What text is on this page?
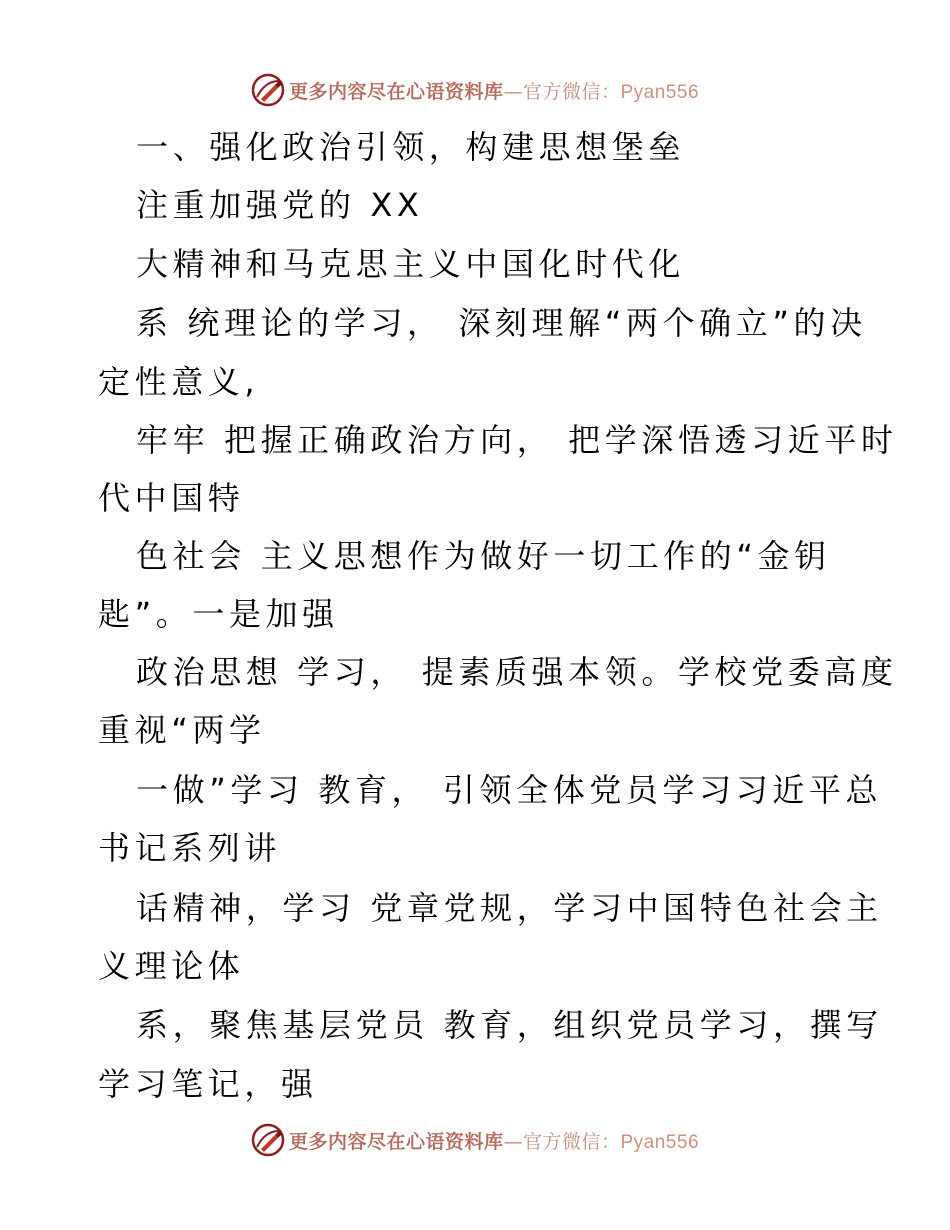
更多内容尽在心语资料库—官方微信：Pyan556
一、强化政治引领，构建思想堡垒
注重加强党的 XX
大精神和马克思主义中国化时代化
系 统理论的学习， 深刻理解“两个确立”的决
定性意义,
牢牢 把握正确政治方向， 把学深悟透习近平时
代中国特
色社会 主义思想作为做好一切工作的“金钥
匙”。一是加强
政治思想 学习， 提素质强本领。学校党委高度
重视“两学
一做”学习 教育， 引领全体党员学习习近平总
书记系列讲
话精神，学习 党章党规，学习中国特色社会主
义理论体
系，聚焦基层党员 教育，组织党员学习，撰写
学习笔记，强
更多内容尽在心语资料库—官方微信：Pyan556
